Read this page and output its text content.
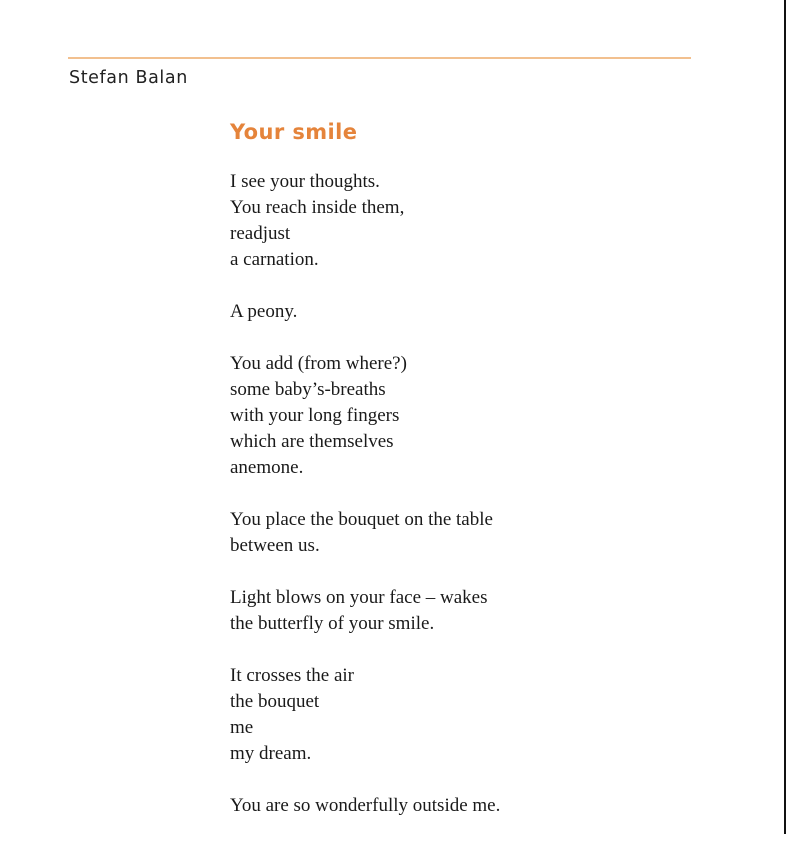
Stefan Balan
Your smile
I see your thoughts.
You reach inside them,
readjust
a carnation.
A peony.
You add (from where?)
some baby’s-breaths
with your long fingers
which are themselves
anemone.
You place the bouquet on the table
between us.
Light blows on your face – wakes
the butterfly of your smile.
It crosses the air
the bouquet
me
my dream.
You are so wonderfully outside me.
